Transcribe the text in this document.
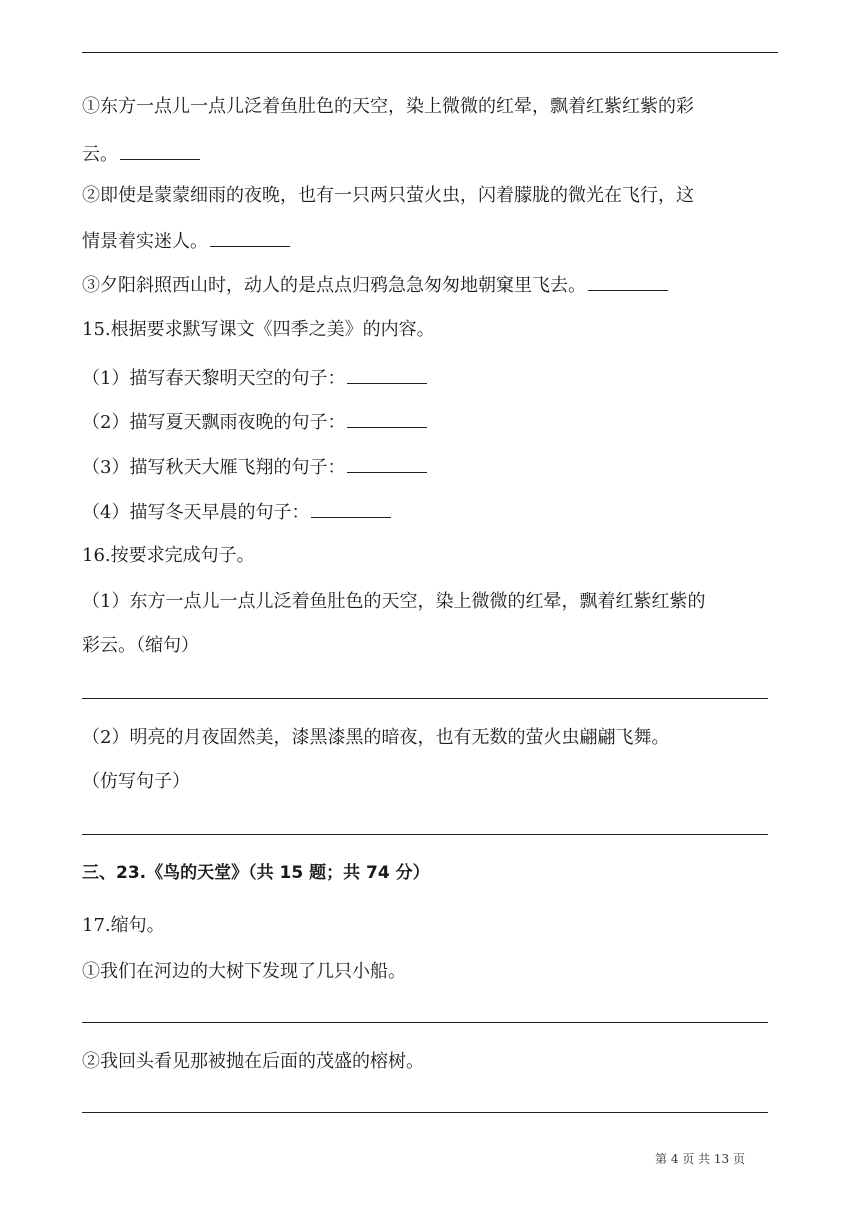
①东方一点儿一点儿泛着鱼肚色的天空，染上微微的红晕，飘着红紫红紫的彩
云。
②即使是蒙蒙细雨的夜晚，也有一只两只萤火虫，闪着朦胧的微光在飞行，这
情景着实迷人。
③夕阳斜照西山时，动人的是点点归鸦急急匆匆地朝窠里飞去。
15.根据要求默写课文《四季之美》的内容。
（1）描写春天黎明天空的句子：
（2）描写夏天飘雨夜晚的句子：
（3）描写秋天大雁飞翔的句子：
（4）描写冬天早晨的句子：
16.按要求完成句子。
（1）东方一点儿一点儿泛着鱼肚色的天空，染上微微的红晕，飘着红紫红紫的
彩云。（缩句）
（2）明亮的月夜固然美，漆黑漆黑的暗夜，也有无数的萤火虫翩翩飞舞。
（仿写句子）
三、23.《鸟的天堂》（共 15 题；共 74 分）
17.缩句。
①我们在河边的大树下发现了几只小船。
②我回头看见那被抛在后面的茂盛的榕树。
第 4 页 共 13 页
